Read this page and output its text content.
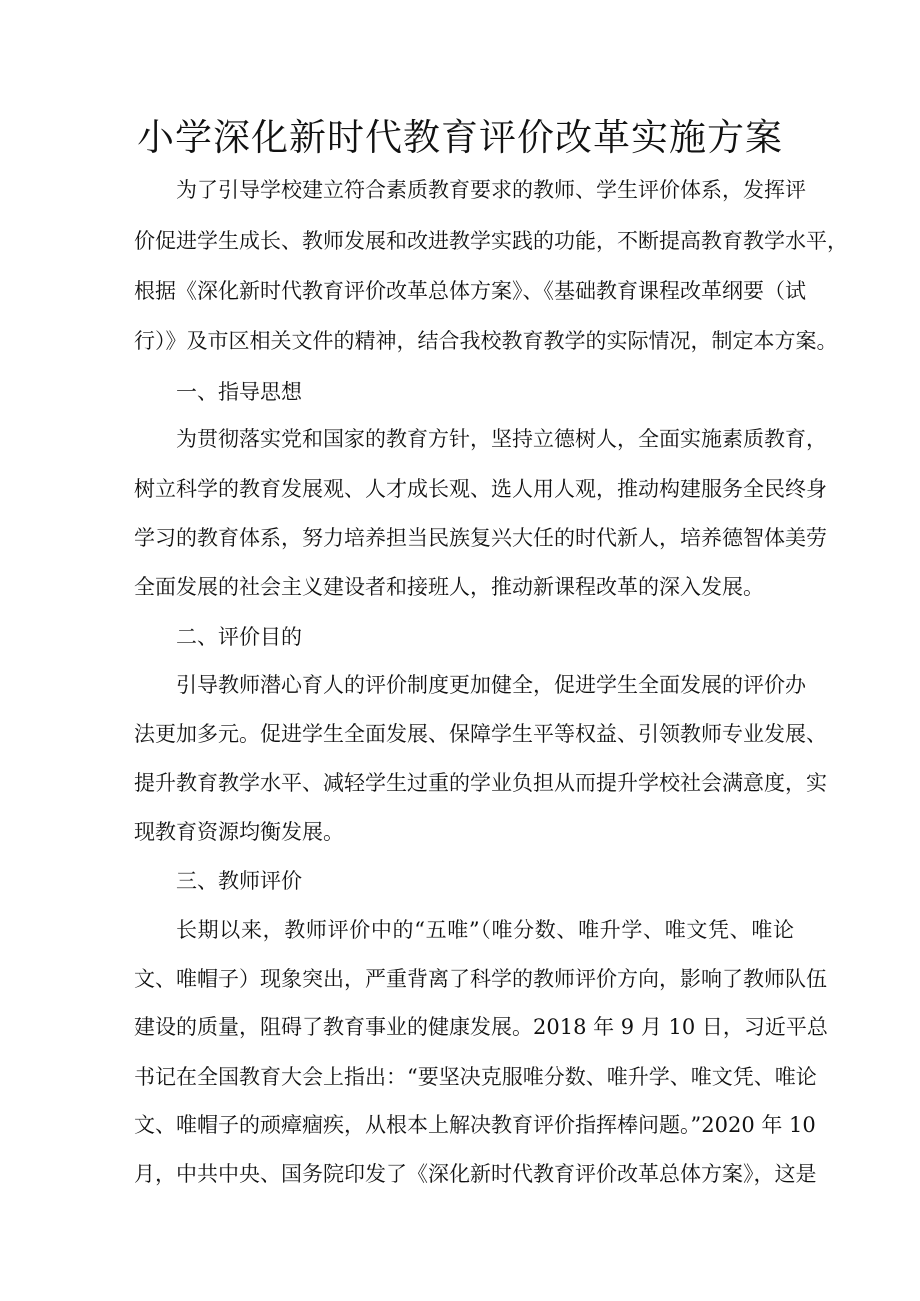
小学深化新时代教育评价改革实施方案

为了引导学校建立符合素质教育要求的教师、学生评价体系，发挥评

价促进学生成长、教师发展和改进教学实践的功能，不断提高教育教学水平，

根据《深化新时代教育评价改革总体方案》、《基础教育课程改革纲要（试

行）》及市区相关文件的精神，结合我校教育教学的实际情况，制定本方案。

一、指导思想

为贯彻落实党和国家的教育方针，坚持立德树人，全面实施素质教育，

树立科学的教育发展观、人才成长观、选人用人观，推动构建服务全民终身

学习的教育体系，努力培养担当民族复兴大任的时代新人，培养德智体美劳

全面发展的社会主义建设者和接班人，推动新课程改革的深入发展。

二、评价目的

引导教师潜心育人的评价制度更加健全，促进学生全面发展的评价办

法更加多元。促进学生全面发展、保障学生平等权益、引领教师专业发展、

提升教育教学水平、减轻学生过重的学业负担从而提升学校社会满意度，实

现教育资源均衡发展。

三、教师评价

长期以来，教师评价中的“五唯”（唯分数、唯升学、唯文凭、唯论

文、唯帽子）现象突出，严重背离了科学的教师评价方向，影响了教师队伍

建设的质量，阻碍了教育事业的健康发展。2018 年 9 月 10 日，习近平总

书记在全国教育大会上指出：“要坚决克服唯分数、唯升学、唯文凭、唯论

文、唯帽子的顽瘴痼疾，从根本上解决教育评价指挥棒问题。”2020 年 10

月，中共中央、国务院印发了《深化新时代教育评价改革总体方案》，这是
